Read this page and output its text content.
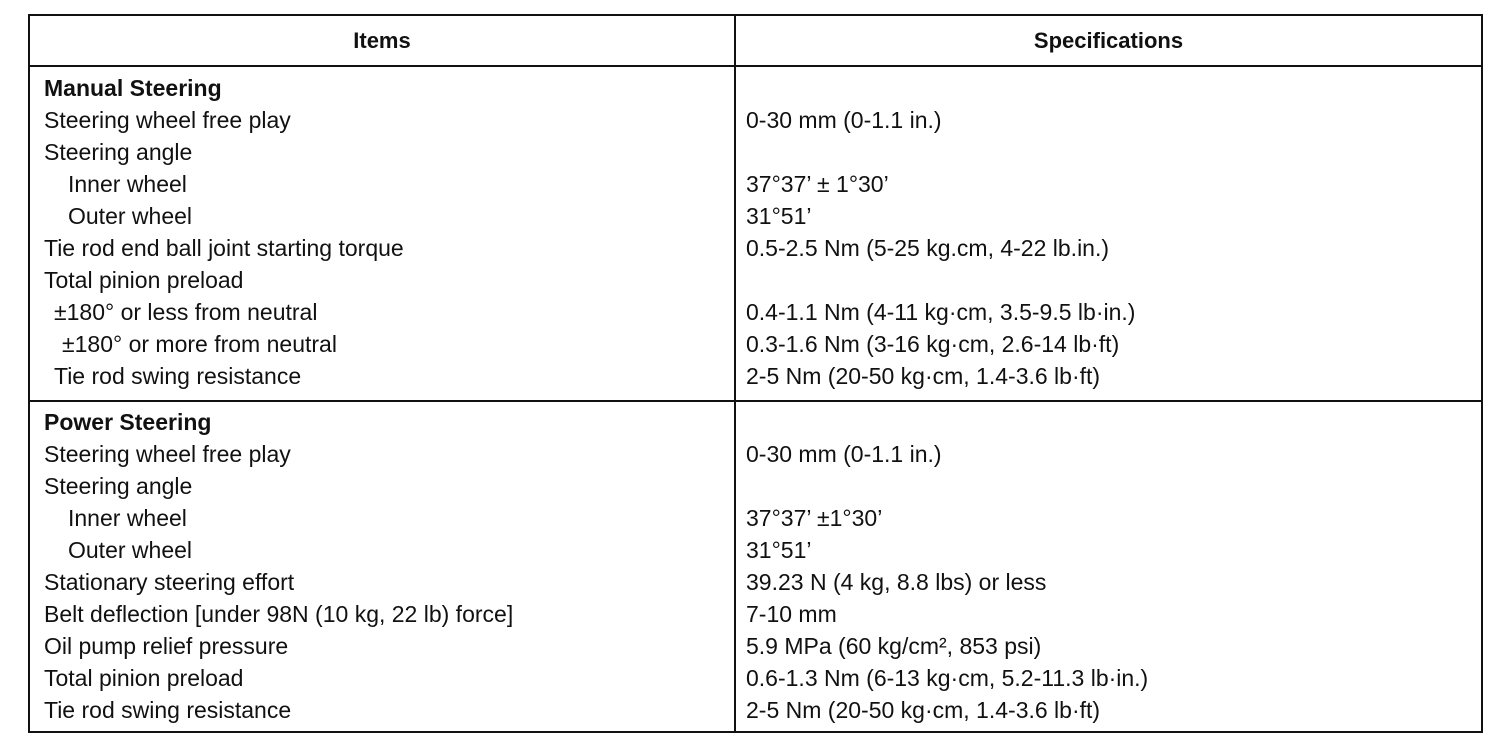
Items	Specifications
Manual Steering
Steering wheel free play	0-30 mm (0-1.1 in.)
Steering angle
Inner wheel	37°37’ ± 1°30’
Outer wheel	31°51’
Tie rod end ball joint starting torque	0.5-2.5 Nm (5-25 kg.cm, 4-22 lb.in.)
Total pinion preload
±180° or less from neutral	0.4-1.1 Nm (4-11 kg·cm, 3.5-9.5 lb·in.)
±180° or more from neutral	0.3-1.6 Nm (3-16 kg·cm, 2.6-14 lb·ft)
Tie rod swing resistance	2-5 Nm (20-50 kg·cm, 1.4-3.6 lb·ft)
Power Steering
Steering wheel free play	0-30 mm (0-1.1 in.)
Steering angle
Inner wheel	37°37’ ±1°30’
Outer wheel	31°51’
Stationary steering effort	39.23 N (4 kg, 8.8 lbs) or less
Belt deflection [under 98N (10 kg, 22 lb) force]	7-10 mm
Oil pump relief pressure	5.9 MPa (60 kg/cm², 853 psi)
Total pinion preload	0.6-1.3 Nm (6-13 kg·cm, 5.2-11.3 lb·in.)
Tie rod swing resistance	2-5 Nm (20-50 kg·cm, 1.4-3.6 lb·ft)
